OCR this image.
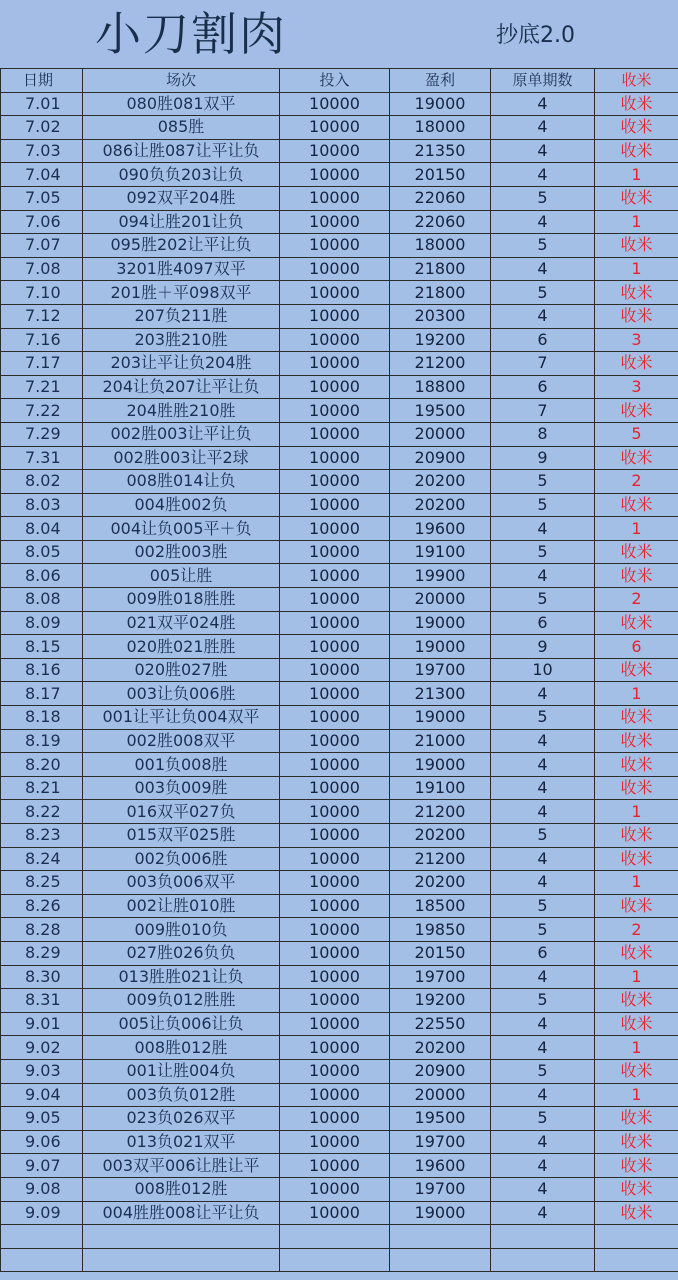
小刀割肉	抄底2.0
日期	场次	投入	盈利	原单期数	收米
7.01	080胜081双平	10000	19000	4	收米
7.02	085胜	10000	18000	4	收米
7.03	086让胜087让平让负	10000	21350	4	收米
7.04	090负负203让负	10000	20150	4	1
7.05	092双平204胜	10000	22060	5	收米
7.06	094让胜201让负	10000	22060	4	1
7.07	095胜202让平让负	10000	18000	5	收米
7.08	3201胜4097双平	10000	21800	4	1
7.10	201胜＋平098双平	10000	21800	5	收米
7.12	207负211胜	10000	20300	4	收米
7.16	203胜210胜	10000	19200	6	3
7.17	203让平让负204胜	10000	21200	7	收米
7.21	204让负207让平让负	10000	18800	6	3
7.22	204胜胜210胜	10000	19500	7	收米
7.29	002胜003让平让负	10000	20000	8	5
7.31	002胜003让平2球	10000	20900	9	收米
8.02	008胜014让负	10000	20200	5	2
8.03	004胜002负	10000	20200	5	收米
8.04	004让负005平＋负	10000	19600	4	1
8.05	002胜003胜	10000	19100	5	收米
8.06	005让胜	10000	19900	4	收米
8.08	009胜018胜胜	10000	20000	5	2
8.09	021双平024胜	10000	19000	6	收米
8.15	020胜021胜胜	10000	19000	9	6
8.16	020胜027胜	10000	19700	10	收米
8.17	003让负006胜	10000	21300	4	1
8.18	001让平让负004双平	10000	19000	5	收米
8.19	002胜008双平	10000	21000	4	收米
8.20	001负008胜	10000	19000	4	收米
8.21	003负009胜	10000	19100	4	收米
8.22	016双平027负	10000	21200	4	1
8.23	015双平025胜	10000	20200	5	收米
8.24	002负006胜	10000	21200	4	收米
8.25	003负006双平	10000	20200	4	1
8.26	002让胜010胜	10000	18500	5	收米
8.28	009胜010负	10000	19850	5	2
8.29	027胜026负负	10000	20150	6	收米
8.30	013胜胜021让负	10000	19700	4	1
8.31	009负012胜胜	10000	19200	5	收米
9.01	005让负006让负	10000	22550	4	收米
9.02	008胜012胜	10000	20200	4	1
9.03	001让胜004负	10000	20900	5	收米
9.04	003负负012胜	10000	20000	4	1
9.05	023负026双平	10000	19500	5	收米
9.06	013负021双平	10000	19700	4	收米
9.07	003双平006让胜让平	10000	19600	4	收米
9.08	008胜012胜	10000	19700	4	收米
9.09	004胜胜008让平让负	10000	19000	4	收米
